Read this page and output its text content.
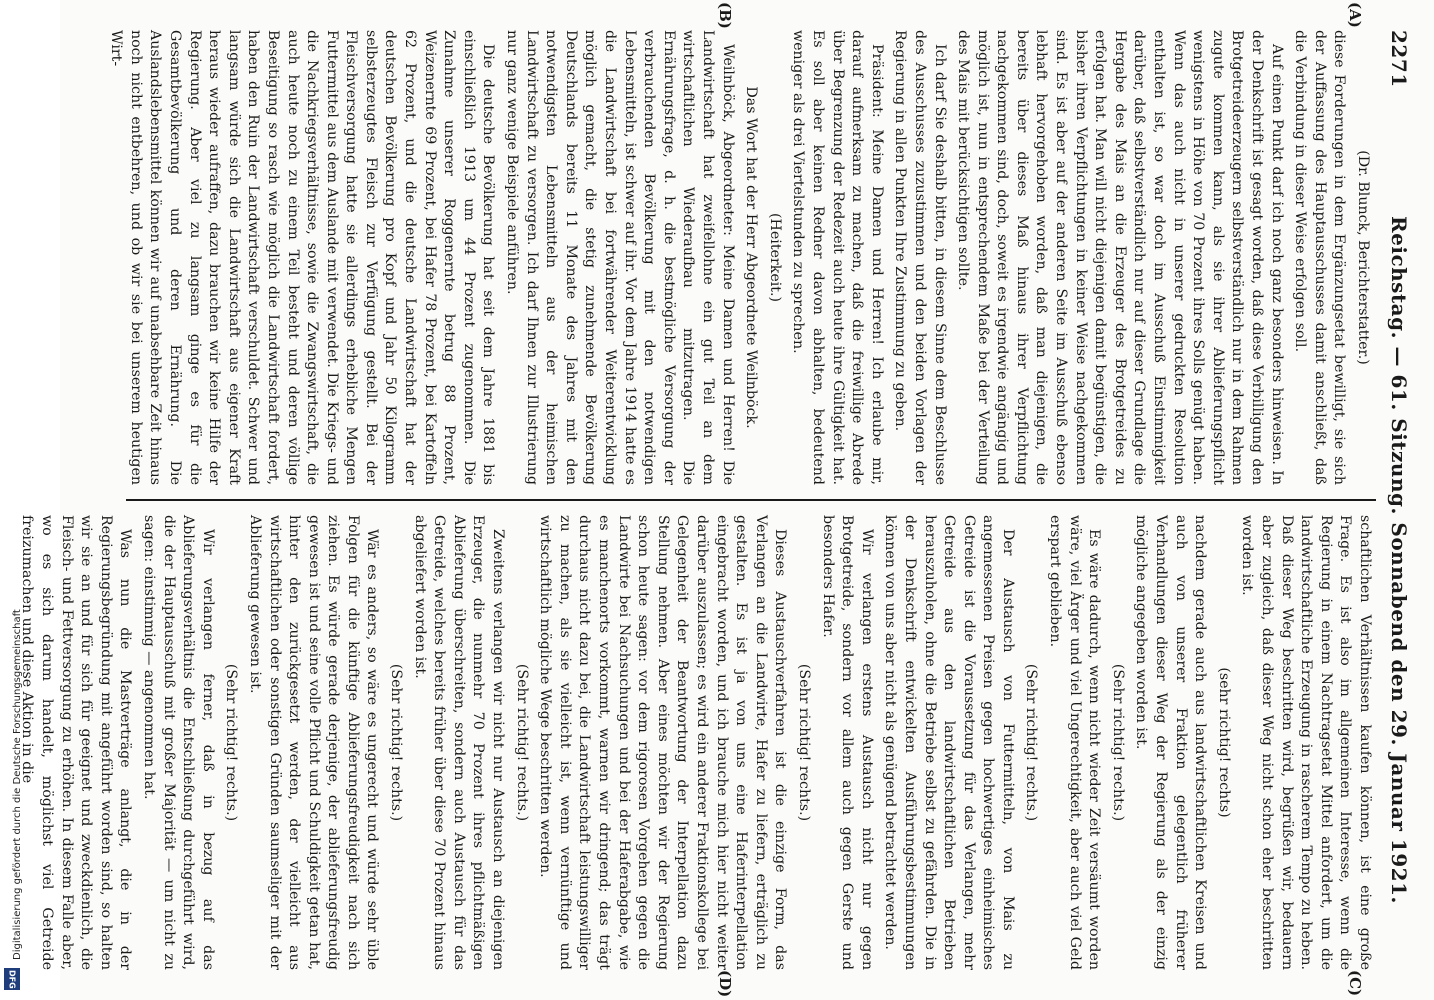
2271
Reichstag. — 61. Sitzung. Sonnabend den 29. Januar 1921.
(A)
(B)
(C)
(D)

(Dr. Blunck, Berichterstatter.)

diese Forderungen in dem Ergänzungsetat bewilligt, sie sich der Auffassung des Hauptausschusses damit anschließt, daß die Verbindung in dieser Weise erfolgen soll.

Auf einen Punkt darf ich noch ganz besonders hinweisen. In der Denkschrift ist gesagt worden, daß diese Verbilligung den Brotgetreideerzeugern selbstverständlich nur in dem Rahmen zugute kommen kann, als sie ihrer Ablieferungspflicht wenigstens in Höhe von 70 Prozent ihres Solls genügt haben. Wenn das auch nicht in unserer gedruckten Resolution enthalten ist, so war doch im Ausschuß Einstimmigkeit darüber, daß selbstverständlich nur auf dieser Grundlage die Hergabe des Mais an die Erzeuger des Brotgetreides zu erfolgen hat. Man will nicht diejenigen damit begünstigen, die bisher ihren Verpflichtungen in keiner Weise nachgekommen sind. Es ist aber auf der anderen Seite im Ausschuß ebenso lebhaft hervorgehoben worden, daß man diejenigen, die bereits über dieses Maß hinaus ihrer Verpflichtung nachgekommen sind, doch, soweit es irgendwie angängig und möglich ist, nun in entsprechendem Maße bei der Verteilung des Mais mit berücksichtigen sollte.

Ich darf Sie deshalb bitten, in diesem Sinne dem Beschlusse des Ausschusses zuzustimmen und den beiden Vorlagen der Regierung in allen Punkten Ihre Zustimmung zu geben.

Präsident: Meine Damen und Herren! Ich erlaube mir, darauf aufmerksam zu machen, daß die freiwillige Abrede über Begrenzung der Redezeit auch heute ihre Gültigkeit hat. Es soll aber keinen Redner davon abhalten, bedeutend weniger als drei Viertelstunden zu sprechen.

(Heiterkeit.)

Das Wort hat der Herr Abgeordnete Weilnböck.

Weilnböck, Abgeordneter: Meine Damen und Herren! Die Landwirtschaft hat zweifellohne ein gut Teil an dem wirtschaftlichen Wiederaufbau mitzutragen. Die Ernährungsfrage, d. h. die bestmögliche Versorgung der verbrauchenden Bevölkerung mit den notwendigen Lebensmitteln, ist schwer auf ihr. Vor dem Jahre 1914 hatte es die Landwirtschaft bei fortwährender Weiterentwicklung möglich gemacht, die stetig zunehmende Bevölkerung Deutschlands bereits 11 Monate des Jahres mit den notwendigsten Lebensmitteln aus der heimischen Landwirtschaft zu versorgen. Ich darf Ihnen zur Illustrierung nur ganz wenige Beispiele anführen.

Die deutsche Bevölkerung hat seit dem Jahre 1881 bis einschließlich 1913 um 44 Prozent zugenommen. Die Zunahme unserer Roggenernte betrug 88 Prozent, Weizenernte 69 Prozent, bei Hafer 78 Prozent, bei Kartoffeln 62 Prozent, und die deutsche Landwirtschaft hat der deutschen Bevölkerung pro Kopf und Jahr 50 Kilogramm selbsterzeugtes Fleisch zur Verfügung gestellt. Bei der Fleischversorgung hatte sie allerdings erhebliche Mengen Futtermittel aus dem Auslande mit verwendet. Die Kriegs- und die Nachkriegsverhältnisse, sowie die Zwangswirtschaft, die auch heute noch zu einem Teil besteht und deren völlige Beseitigung so rasch wie möglich die Landwirtschaft fordert, haben den Ruin der Landwirtschaft verschuldet. Schwer und langsam würde sich die Landwirtschaft aus eigener Kraft heraus wieder aufraffen, dazu brauchen wir keine Hilfe der Regierung. Aber viel zu langsam ginge es für die Gesamtbevölkerung und deren Ernährung. Die Auslandslebensmittel können wir auf unabsehbare Zeit hinaus noch nicht entbehren, und ob wir sie bei unserem heutigen Wirt-

schaftlichen Verhältnissen kaufen können, ist eine große Frage. Es ist also im allgemeinen Interesse, wenn die Regierung in einem Nachtragsetat Mittel anfordert, um die landwirtschaftliche Erzeugung in rascherem Tempo zu heben. Daß dieser Weg beschritten wird, begrüßen wir, bedauern aber zugleich, daß dieser Weg nicht schon eher beschritten worden ist.

(sehr richtig! rechts)

nachdem gerade auch aus landwirtschaftlichen Kreisen und auch von unserer Fraktion gelegentlich früherer Verhandlungen dieser Weg der Regierung als der einzig mögliche angegeben worden ist.

(Sehr richtig! rechts.)

Es wäre dadurch, wenn nicht wieder Zeit versäumt worden wäre, viel Ärger und viel Ungerechtigkeit, aber auch viel Geld erspart geblieben.

(Sehr richtig! rechts.)

Der Austausch von Futtermitteln, von Mais zu angemessenen Preisen gegen hochwertiges einheimisches Getreide ist die Voraussetzung für das Verlangen, mehr Getreide aus den landwirtschaftlichen Betrieben herauszuholen, ohne die Betriebe selbst zu gefährden. Die in der Denkschrift entwickelten Ausführungsbestimmungen können von uns aber nicht als genügend betrachtet werden.

Wir verlangen erstens Austausch nicht nur gegen Brotgetreide, sondern vor allem auch gegen Gerste und besonders Hafer.

(Sehr richtig! rechts.)

Dieses Austauschverfahren ist die einzige Form, das Verlangen an die Landwirte, Hafer zu liefern, erträglich zu gestalten. Es ist ja von uns eine Haferinterpellation eingebracht worden, und ich brauche mich hier nicht weiter darüber auszulassen; es wird ein anderer Fraktionskollege bei Gelegenheit der Beantwortung der Interpellation dazu Stellung nehmen. Aber eines möchten wir der Regierung schon heute sagen: vor dem rigorosen Vorgehen gegen die Landwirte bei Nachsuchungen und bei der Haferabgabe, wie es manchenorts vorkommt, warnen wir dringend; das trägt durchaus nicht dazu bei, die Landwirtschaft leistungswilliger zu machen, als sie vielleicht ist, wenn vernünftige und wirtschaftlich mögliche Wege beschritten werden.

(Sehr richtig! rechts.)

Zweitens verlangen wir nicht nur Austausch an diejenigen Erzeuger, die nunmehr 70 Prozent ihres pflichtmäßigen Ablieferung überschreiten, sondern auch Austausch für das Getreide, welches bereits früher über diese 70 Prozent hinaus abgeliefert worden ist.

(Sehr richtig! rechts.)

Wär es anders, so wäre es ungerecht und würde sehr üble Folgen für die künftige Ablieferungsfreudigkeit nach sich ziehen. Es würde gerade derjenige, der ablieferungsfreudig gewesen ist und seine volle Pflicht und Schuldigkeit getan hat, hinter den zurückgesetzt werden, der vielleicht aus wirtschaftlichen oder sonstigen Gründen saumseliger mit der Ablieferung gewesen ist.

(Sehr richtig! rechts.)

Wir verlangen ferner, daß in bezug auf das Ablieferungsverhältnis die Entschließung durchgeführt wird, die der Hauptausschuß mit großer Majorität — um nicht zu sagen: einstimmig — angenommen hat.

Was nun die Mastverträge anlangt, die in der Regierungsbegründung mit angeführt worden sind, so halten wir sie an und für sich für geeignet und zweckdienlich, die Fleisch- und Fettversorgung zu erhöhen. In diesem Falle aber, wo es sich darum handelt, möglichst viel Getreide freizumachen und diese Aktion in die

Digitalisierung gefördert durch die Deutsche Forschungsgemeinschaft
DFG
